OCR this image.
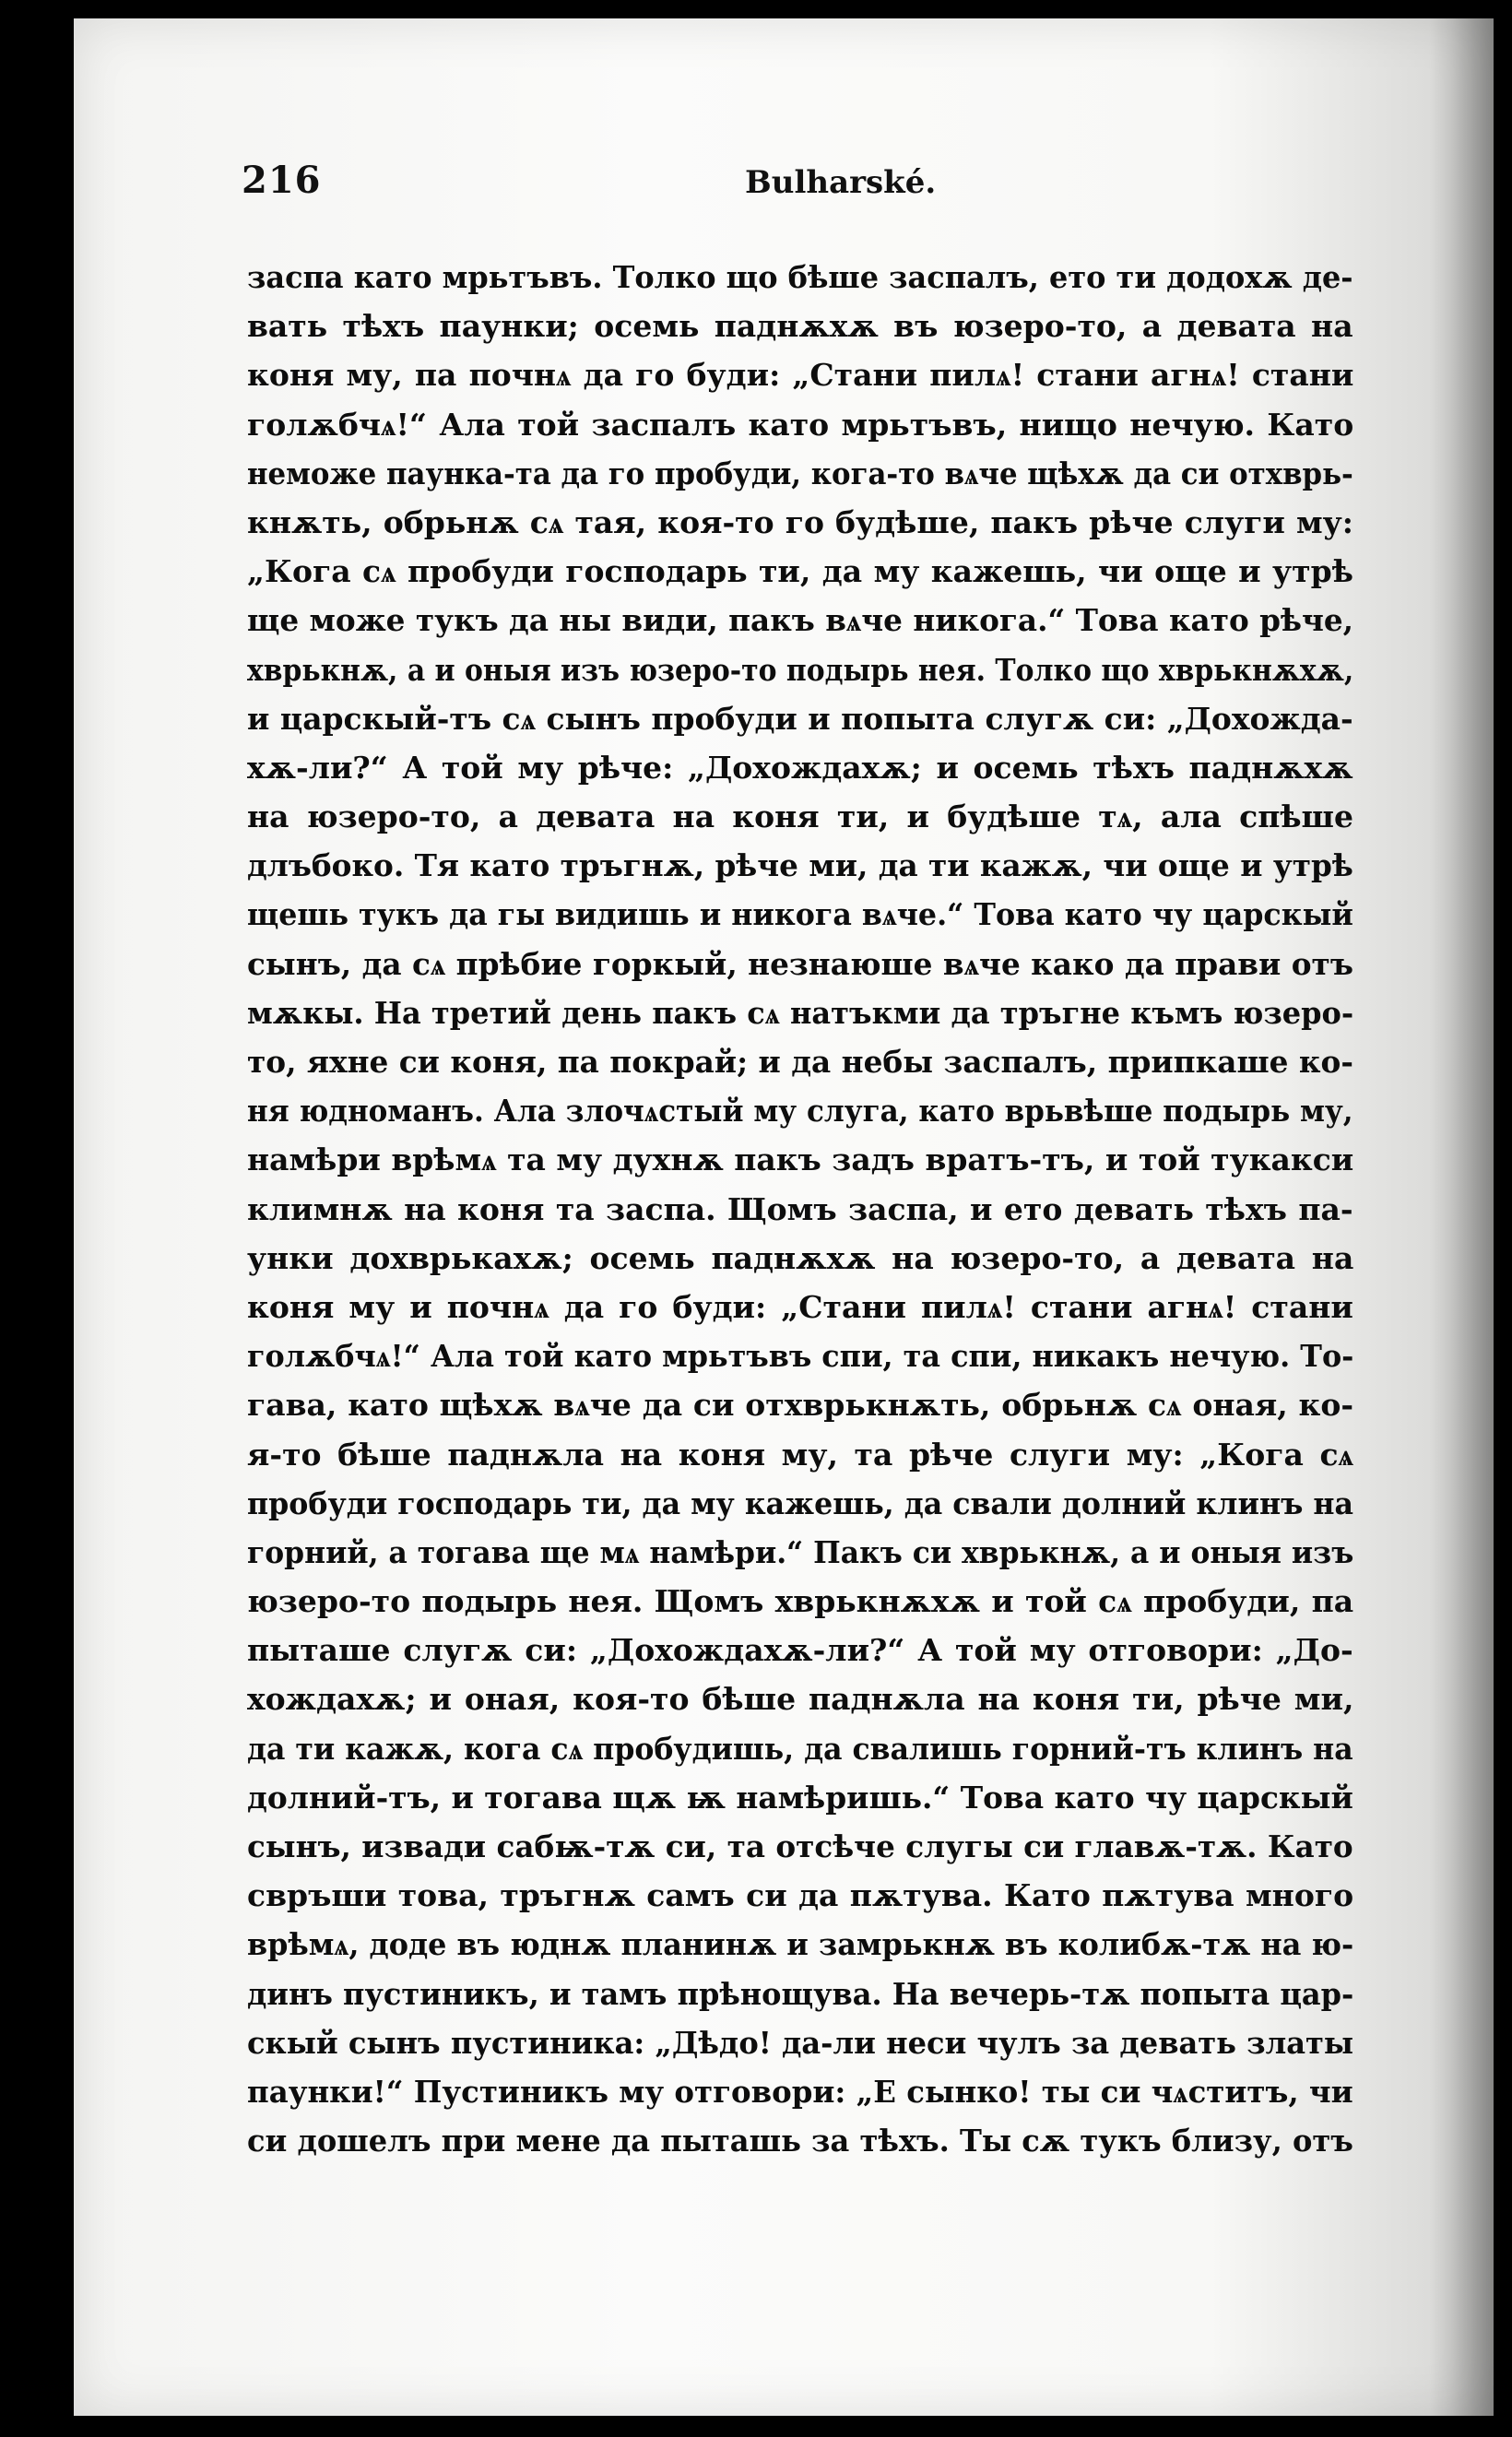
216	Bulharské.
заспа като мрьтъвъ. Толко що бѣше заспалъ, ето ти додохѫ де-
вать тѣхъ паунки; осемь паднѫхѫ въ юзеро-то, а девата на
коня му, па почнѧ да го буди: „Стани пилѧ! стани агнѧ! стани
голѫбчѧ!“ Ала той заспалъ като мрьтъвъ, нищо нечую. Като
неможе паунка-та да го пробуди, кога-то вѧче щѣхѫ да си отхврь-
кнѫть, обрьнѫ сѧ тая, коя-то го будѣше, пакъ рѣче слуги му:
„Кога сѧ пробуди господарь ти, да му кажешь, чи още и утрѣ
ще може тукъ да ны види, пакъ вѧче никога.“ Това като рѣче,
хврькнѫ, а и оныя изъ юзеро-то подырь нея. Толко що хврькнѫхѫ,
и царскый-тъ сѧ сынъ пробуди и попыта слугѫ си: „Дохождa-
хѫ-ли?“ А той му рѣче: „Дохождахѫ; и осемь тѣхъ паднѫхѫ
на юзеро-то, а девата на коня ти, и будѣше тѧ, ала спѣше
длъбоко. Тя като тръгнѫ, рѣче ми, да ти кажѫ, чи още и утрѣ
щешь тукъ да гы видишь и никога вѧче.“ Това като чу царскый
сынъ, да сѧ прѣбие горкый, незнаюше вѧче како да прави отъ
мѫкы. На третий день пакъ сѧ натъкми да тръгне къмъ юзеро-
то, яхне си коня, па покрай; и да небы заспалъ, припкаше ко-
ня юдноманъ. Ала злочѧстый му слуга, като врьвѣше подырь му,
намѣри врѣмѧ та му духнѫ пакъ задъ вратъ-тъ, и той тукакси
климнѫ на коня та заспа. Щомъ заспа, и ето девать тѣхъ па-
унки дохврькахѫ; осемь паднѫхѫ на юзеро-то, а девата на
коня му и почнѧ да го буди: „Стани пилѧ! стани агнѧ! стани
голѫбчѧ!“ Ала той като мрьтъвъ спи, та спи, никакъ нечую. То-
гава, като щѣхѫ вѧче да си отхврькнѫть, обрьнѫ сѧ оная, ко-
я-то бѣше паднѫла на коня му, та рѣче слуги му: „Кога сѧ
пробуди господарь ти, да му кажешь, да свали долний клинъ на
горний, а тогава ще мѧ намѣри.“ Пакъ си хврькнѫ, а и оныя изъ
юзеро-то подырь нея. Щомъ хврькнѫхѫ и той сѧ пробуди, па
пыташе слугѫ си: „Дохождахѫ-ли?“ А той му отговори: „До-
хождахѫ; и оная, коя-то бѣше паднѫла на коня ти, рѣче ми,
да ти кажѫ, кога сѧ пробудишь, да свалишь горний-тъ клинъ на
долний-тъ, и тогава щѫ ѭ намѣришь.“ Това като чу царскый
сынъ, извади сабѭ-тѫ си, та отсѣче слугы си главѫ-тѫ. Като
свръши това, тръгнѫ самъ си да пѫтува. Като пѫтува много
врѣмѧ, доде въ юднѫ планинѫ и замрькнѫ въ колибѫ-тѫ на ю-
динъ пустиникъ, и тамъ прѣнощува. На вечерь-тѫ попыта цар-
скый сынъ пустиника: „Дѣдо! да-ли неси чулъ за девать златы
паунки!“ Пустиникъ му отговори: „Е сынко! ты си чѧститъ, чи
си дошелъ при мене да пыташь за тѣхъ. Ты сѫ тукъ близу, отъ
